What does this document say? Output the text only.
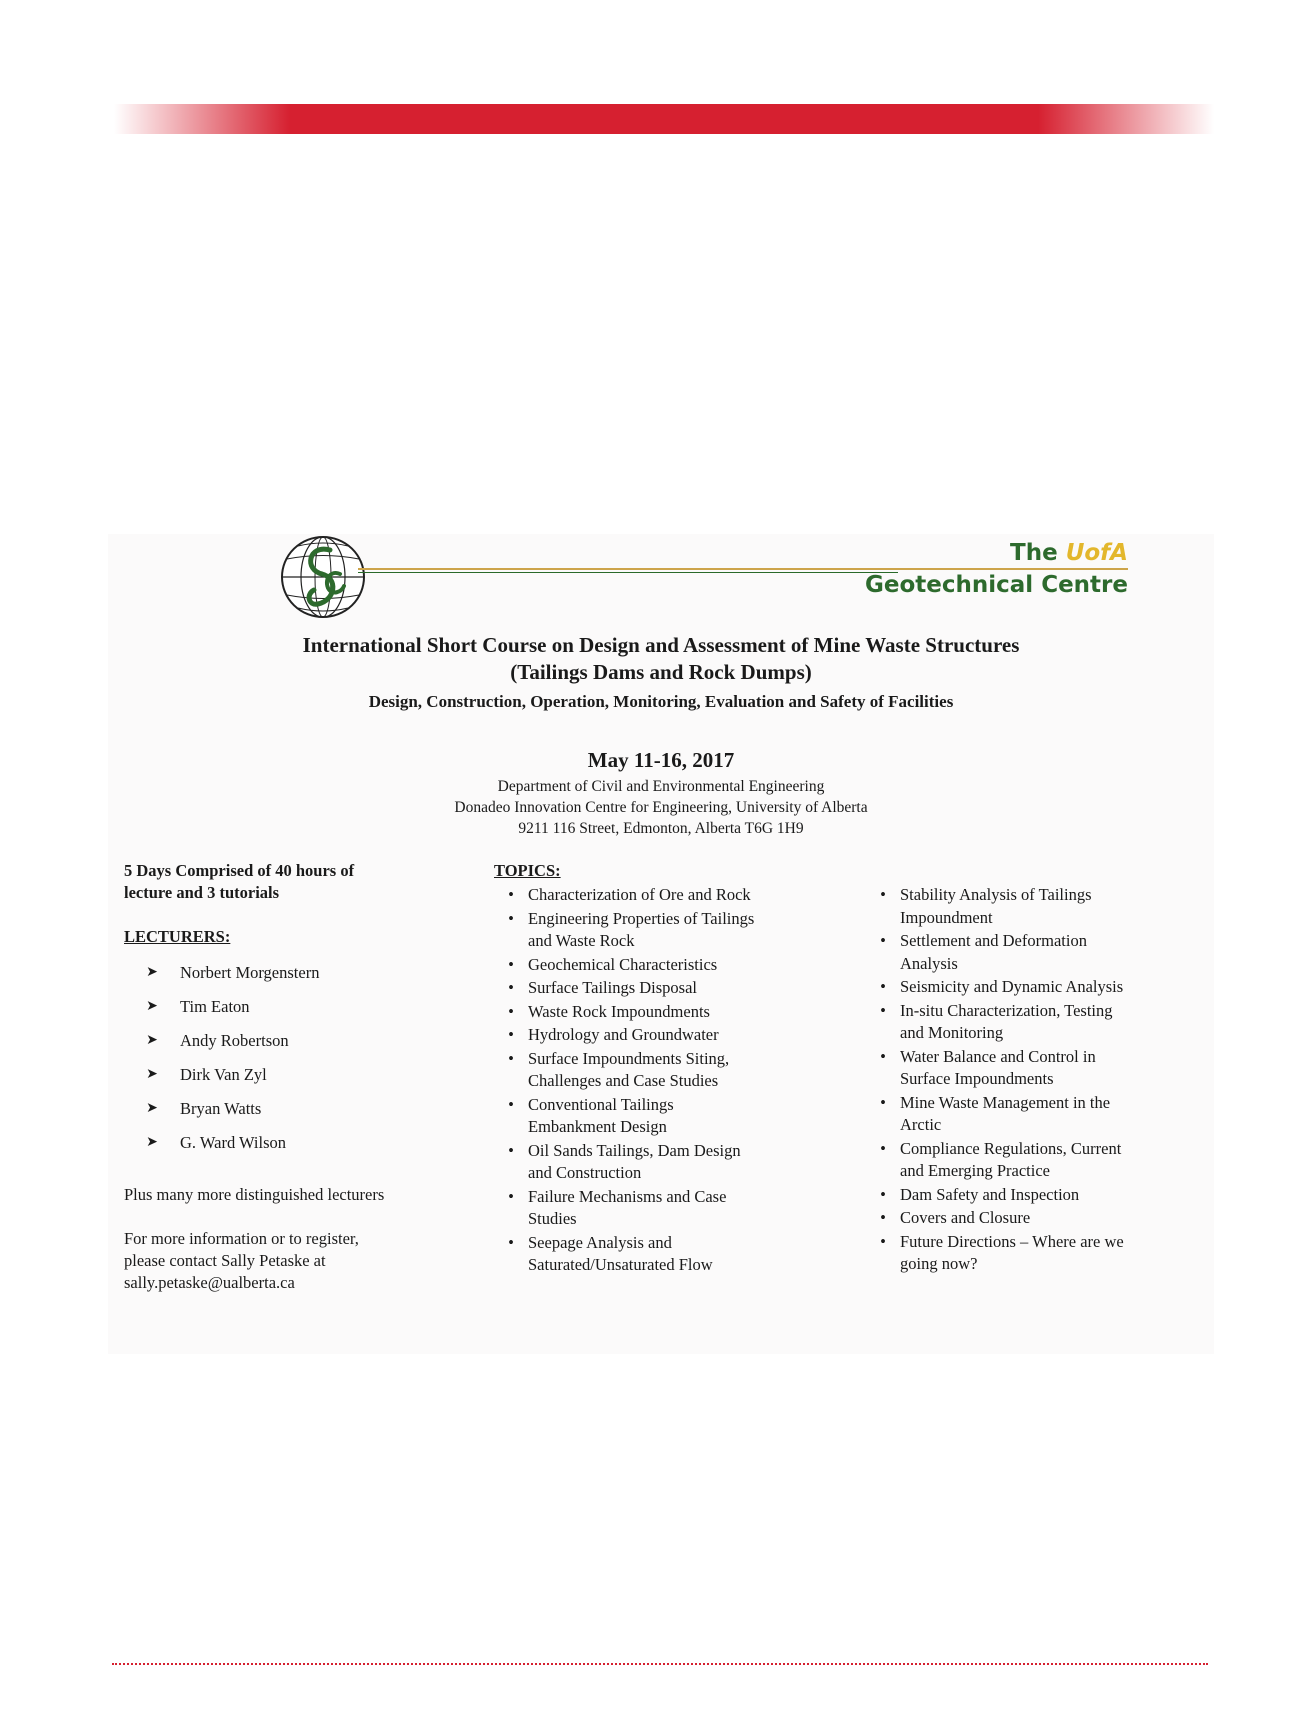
The UofA
Geotechnical Centre
International Short Course on Design and Assessment of Mine Waste Structures
(Tailings Dams and Rock Dumps)
Design, Construction, Operation, Monitoring, Evaluation and Safety of Facilities
May 11-16, 2017
Department of Civil and Environmental Engineering
Donadeo Innovation Centre for Engineering, University of Alberta
9211 116 Street, Edmonton, Alberta T6G 1H9
5 Days Comprised of 40 hours of
lecture and 3 tutorials
LECTURERS:
➤	Norbert Morgenstern
➤	Tim Eaton
➤	Andy Robertson
➤	Dirk Van Zyl
➤	Bryan Watts
➤	G. Ward Wilson
Plus many more distinguished lecturers
For more information or to register,
please contact Sally Petaske at
sally.petaske@ualberta.ca
TOPICS:
• Characterization of Ore and Rock
• Engineering Properties of Tailings
and Waste Rock
• Geochemical Characteristics
• Surface Tailings Disposal
• Waste Rock Impoundments
• Hydrology and Groundwater
• Surface Impoundments Siting,
Challenges and Case Studies
• Conventional Tailings
Embankment Design
• Oil Sands Tailings, Dam Design
and Construction
• Failure Mechanisms and Case
Studies
• Seepage Analysis and
Saturated/Unsaturated Flow
• Stability Analysis of Tailings
Impoundment
• Settlement and Deformation
Analysis
• Seismicity and Dynamic Analysis
• In-situ Characterization, Testing
and Monitoring
• Water Balance and Control in
Surface Impoundments
• Mine Waste Management in the
Arctic
• Compliance Regulations, Current
and Emerging Practice
• Dam Safety and Inspection
• Covers and Closure
• Future Directions – Where are we
going now?
